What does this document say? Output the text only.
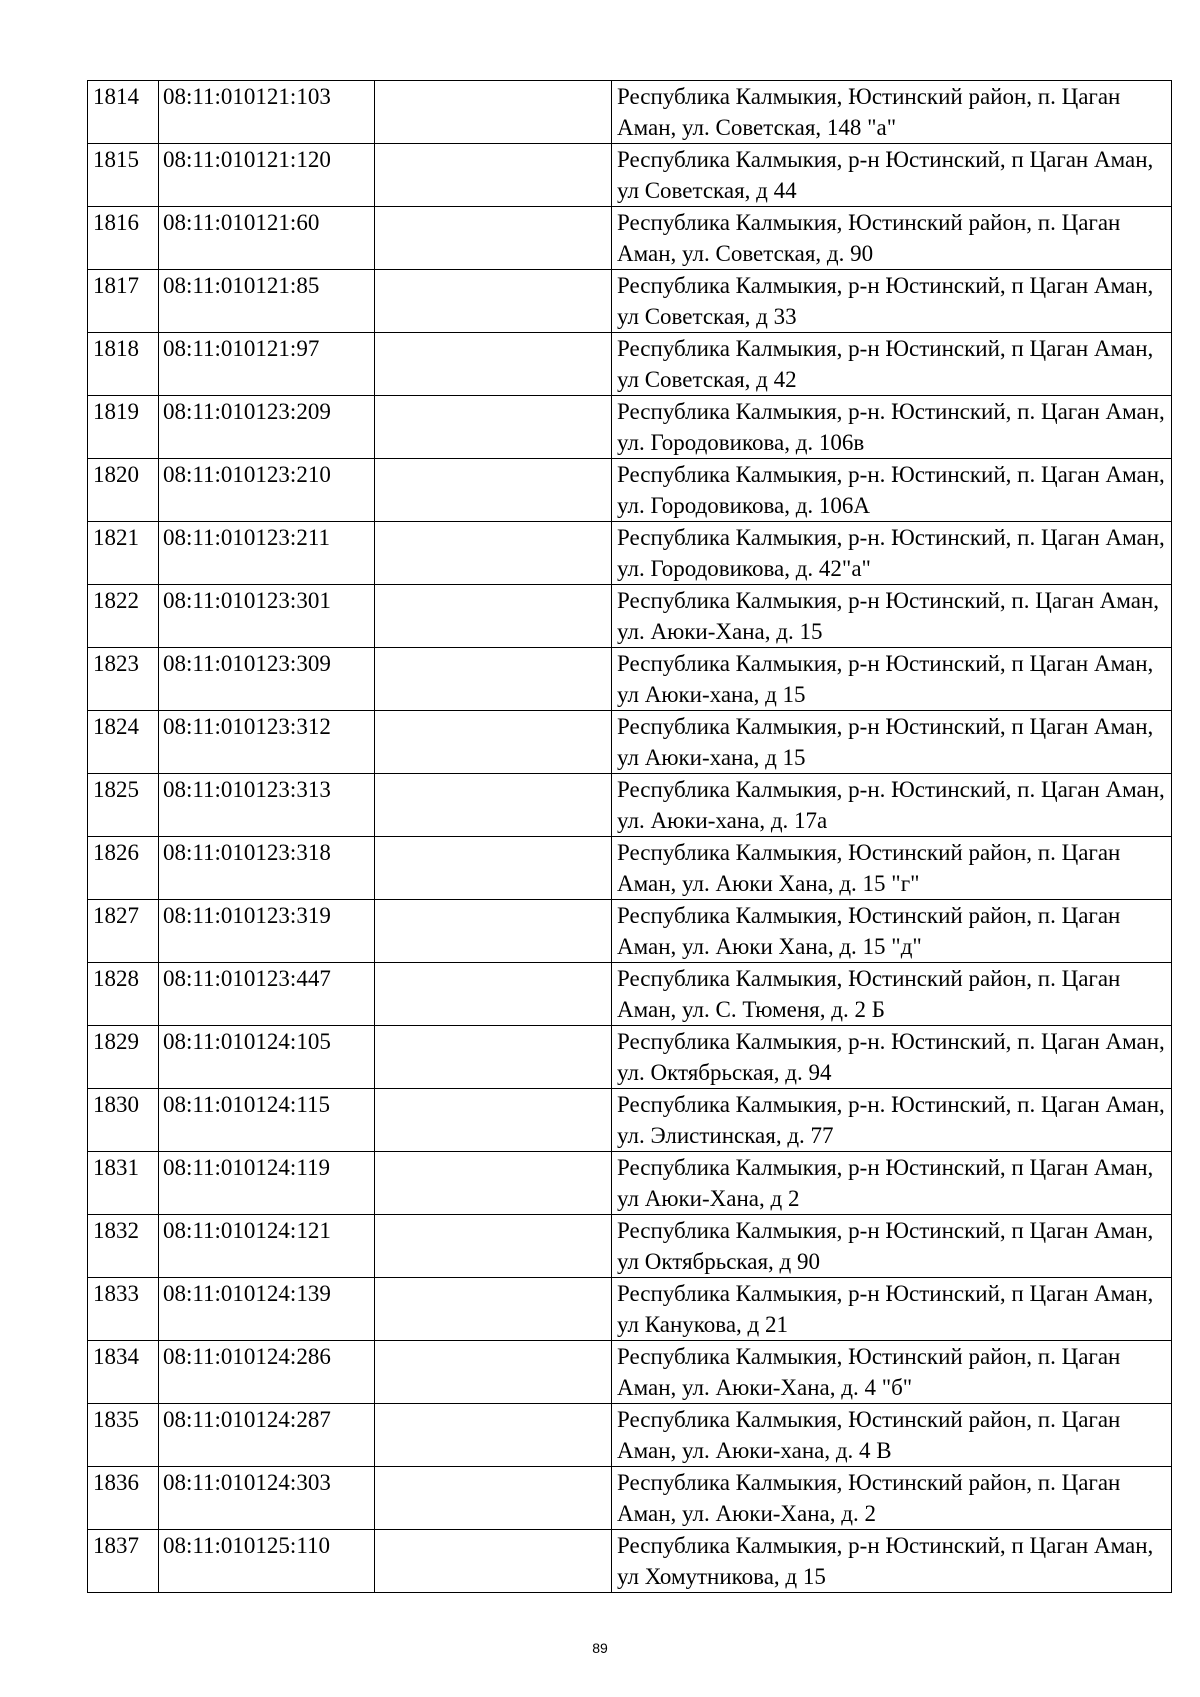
1814	08:11:010121:103		Республика Калмыкия, Юстинский район, п. Цаган Аман, ул. Советская, 148 "а"
1815	08:11:010121:120		Республика Калмыкия, р-н Юстинский, п Цаган Аман, ул Советская, д 44
1816	08:11:010121:60		Республика Калмыкия, Юстинский район, п. Цаган Аман, ул. Советская, д. 90
1817	08:11:010121:85		Республика Калмыкия, р-н Юстинский, п Цаган Аман, ул Советская, д 33
1818	08:11:010121:97		Республика Калмыкия, р-н Юстинский, п Цаган Аман, ул Советская, д 42
1819	08:11:010123:209		Республика Калмыкия, р-н. Юстинский, п. Цаган Аман, ул. Городовикова, д. 106в
1820	08:11:010123:210		Республика Калмыкия, р-н. Юстинский, п. Цаган Аман, ул. Городовикова, д. 106А
1821	08:11:010123:211		Республика Калмыкия, р-н. Юстинский, п. Цаган Аман, ул. Городовикова, д. 42"а"
1822	08:11:010123:301		Республика Калмыкия, р-н Юстинский, п. Цаган Аман, ул. Аюки-Хана, д. 15
1823	08:11:010123:309		Республика Калмыкия, р-н Юстинский, п Цаган Аман, ул Аюки-хана, д 15
1824	08:11:010123:312		Республика Калмыкия, р-н Юстинский, п Цаган Аман, ул Аюки-хана, д 15
1825	08:11:010123:313		Республика Калмыкия, р-н. Юстинский, п. Цаган Аман, ул. Аюки-хана, д. 17а
1826	08:11:010123:318		Республика Калмыкия, Юстинский район, п. Цаган Аман, ул. Аюки Хана, д. 15 "г"
1827	08:11:010123:319		Республика Калмыкия, Юстинский район, п. Цаган Аман, ул. Аюки Хана, д. 15 "д"
1828	08:11:010123:447		Республика Калмыкия, Юстинский район, п. Цаган Аман, ул. С. Тюменя, д. 2 Б
1829	08:11:010124:105		Республика Калмыкия, р-н. Юстинский, п. Цаган Аман, ул. Октябрьская, д. 94
1830	08:11:010124:115		Республика Калмыкия, р-н. Юстинский, п. Цаган Аман, ул. Элистинская, д. 77
1831	08:11:010124:119		Республика Калмыкия, р-н Юстинский, п Цаган Аман, ул Аюки-Хана, д 2
1832	08:11:010124:121		Республика Калмыкия, р-н Юстинский, п Цаган Аман, ул Октябрьская, д 90
1833	08:11:010124:139		Республика Калмыкия, р-н Юстинский, п Цаган Аман, ул Канукова, д 21
1834	08:11:010124:286		Республика Калмыкия, Юстинский район, п. Цаган Аман, ул. Аюки-Хана, д. 4 "б"
1835	08:11:010124:287		Республика Калмыкия, Юстинский район, п. Цаган Аман, ул. Аюки-хана, д. 4 В
1836	08:11:010124:303		Республика Калмыкия, Юстинский район, п. Цаган Аман, ул. Аюки-Хана, д. 2
1837	08:11:010125:110		Республика Калмыкия, р-н Юстинский, п Цаган Аман, ул Хомутникова, д 15
89
